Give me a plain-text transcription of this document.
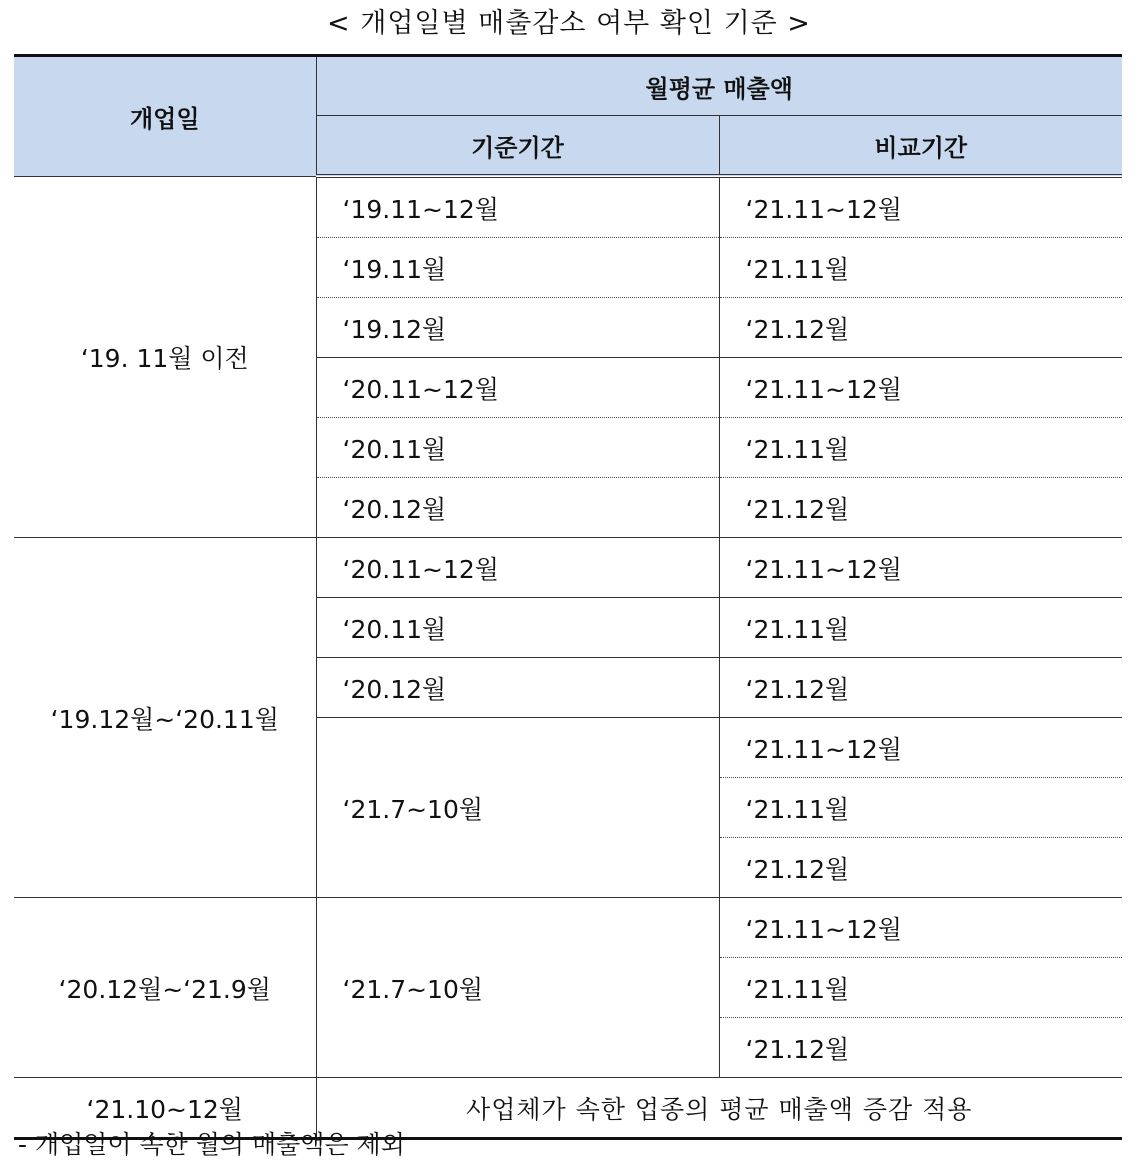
< 개업일별 매출감소 여부 확인 기준 >
개업일	월평균 매출액	
	기준기간	비교기간
‘19. 11월 이전	‘19.11~12월	‘21.11~12월
	‘19.11월	‘21.11월
	‘19.12월	‘21.12월
	‘20.11~12월	‘21.11~12월
	‘20.11월	‘21.11월
	‘20.12월	‘21.12월
‘19.12월~‘20.11월	‘20.11~12월	‘21.11~12월
	‘20.11월	‘21.11월
	‘20.12월	‘21.12월
	‘21.7~10월	‘21.11~12월
		‘21.11월
		‘21.12월
‘20.12월~‘21.9월	‘21.7~10월	‘21.11~12월
		‘21.11월
		‘21.12월
‘21.10~12월	사업체가 속한 업종의 평균 매출액 증감 적용	
- 개업일이 속한 월의 매출액은 제외
